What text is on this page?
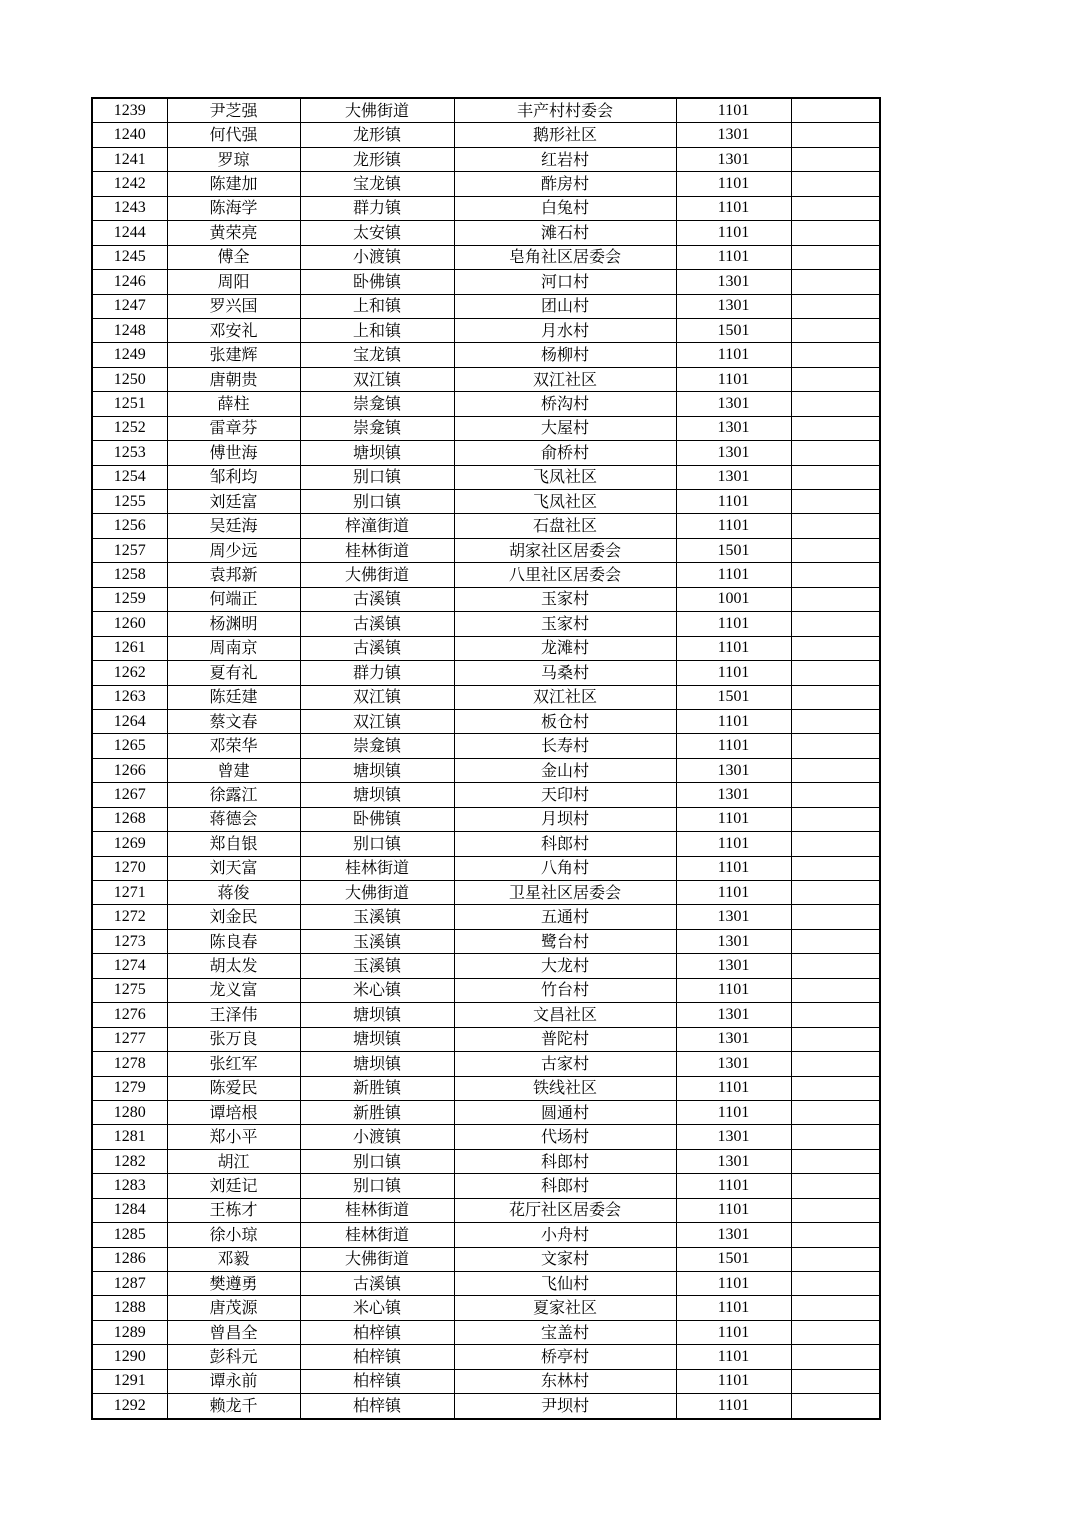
1239	尹芝强	大佛街道	丰产村村委会	1101	
1240	何代强	龙形镇	鹅形社区	1301	
1241	罗琼	龙形镇	红岩村	1301	
1242	陈建加	宝龙镇	酢房村	1101	
1243	陈海学	群力镇	白兔村	1101	
1244	黄荣亮	太安镇	滩石村	1101	
1245	傅全	小渡镇	皂角社区居委会	1101	
1246	周阳	卧佛镇	河口村	1301	
1247	罗兴国	上和镇	团山村	1301	
1248	邓安礼	上和镇	月水村	1501	
1249	张建辉	宝龙镇	杨柳村	1101	
1250	唐朝贵	双江镇	双江社区	1101	
1251	薛柱	崇龛镇	桥沟村	1301	
1252	雷章芬	崇龛镇	大屋村	1301	
1253	傅世海	塘坝镇	俞桥村	1301	
1254	邹利均	别口镇	飞凤社区	1301	
1255	刘廷富	别口镇	飞凤社区	1101	
1256	吴廷海	梓潼街道	石盘社区	1101	
1257	周少远	桂林街道	胡家社区居委会	1501	
1258	袁邦新	大佛街道	八里社区居委会	1101	
1259	何端正	古溪镇	玉家村	1001	
1260	杨渊明	古溪镇	玉家村	1101	
1261	周南京	古溪镇	龙滩村	1101	
1262	夏有礼	群力镇	马桑村	1101	
1263	陈廷建	双江镇	双江社区	1501	
1264	蔡文春	双江镇	板仓村	1101	
1265	邓荣华	崇龛镇	长寿村	1101	
1266	曾建	塘坝镇	金山村	1301	
1267	徐露江	塘坝镇	天印村	1301	
1268	蒋德会	卧佛镇	月坝村	1101	
1269	郑自银	别口镇	科郎村	1101	
1270	刘天富	桂林街道	八角村	1101	
1271	蒋俊	大佛街道	卫星社区居委会	1101	
1272	刘金民	玉溪镇	五通村	1301	
1273	陈良春	玉溪镇	鹭台村	1301	
1274	胡太发	玉溪镇	大龙村	1301	
1275	龙义富	米心镇	竹台村	1101	
1276	王泽伟	塘坝镇	文昌社区	1301	
1277	张万良	塘坝镇	普陀村	1301	
1278	张红军	塘坝镇	古家村	1301	
1279	陈爱民	新胜镇	铁线社区	1101	
1280	谭培根	新胜镇	圆通村	1101	
1281	郑小平	小渡镇	代场村	1301	
1282	胡江	别口镇	科郎村	1301	
1283	刘廷记	别口镇	科郎村	1101	
1284	王栋才	桂林街道	花厅社区居委会	1101	
1285	徐小琼	桂林街道	小舟村	1301	
1286	邓毅	大佛街道	文家村	1501	
1287	樊遵勇	古溪镇	飞仙村	1101	
1288	唐茂源	米心镇	夏家社区	1101	
1289	曾昌全	柏梓镇	宝盖村	1101	
1290	彭科元	柏梓镇	桥亭村	1101	
1291	谭永前	柏梓镇	东林村	1101	
1292	赖龙千	柏梓镇	尹坝村	1101	
